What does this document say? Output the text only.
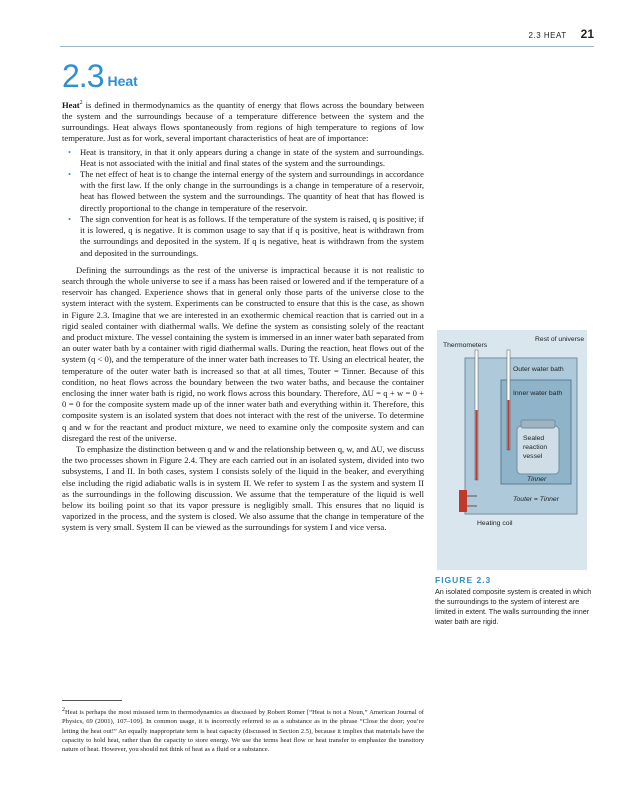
2.3 HEAT 21
2.3 Heat

Heat$^2$ is defined in thermodynamics as the quantity of energy that flows across the boundary between the system and the surroundings because of a temperature difference between the system and the surroundings. Heat always flows spontaneously from regions of high temperature to regions of low temperature. Just as for work, several important characteristics of heat are of importance:

• Heat is transitory, in that it only appears during a change in state of the system and surroundings. Heat is not associated with the initial and final states of the system and the surroundings.
• The net effect of heat is to change the internal energy of the system and surroundings in accordance with the first law. If the only change in the surroundings is a change in temperature of a reservoir, heat has flowed between the system and the surroundings. The quantity of heat that has flowed is directly proportional to the change in temperature of the reservoir.
• The sign convention for heat is as follows. If the temperature of the system is raised, q is positive; if it is lowered, q is negative. It is common usage to say that if q is positive, heat is withdrawn from the surroundings and deposited in the system. If q is negative, heat is withdrawn from the system and deposited in the surroundings.

Defining the surroundings as the rest of the universe is impractical because it is not realistic to search through the whole universe to see if a mass has been raised or lowered and if the temperature of a reservoir has changed. Experience shows that in general only those parts of the universe close to the system interact with the system. Experiments can be constructed to ensure that this is the case, as shown in Figure 2.3. Imagine that we are interested in an exothermic chemical reaction that is carried out in a rigid sealed container with diathermal walls. We define the system as consisting solely of the reactant and product mixture. The vessel containing the system is immersed in an inner water bath separated from an outer water bath by a container with rigid diathermal walls. During the reaction, heat flows out of the system (q < 0), and the temperature of the inner water bath increases to Tf. Using an electrical heater, the temperature of the outer water bath is increased so that at all times, Touter = Tinner. Because of this condition, no heat flows across the boundary between the two water baths, and because the container enclosing the inner water bath is rigid, no work flows across this boundary. Therefore, ΔU = q + w = 0 + 0 = 0 for the composite system made up of the inner water bath and everything within it. Therefore, this composite system is an isolated system that does not interact with the rest of the universe. To determine q and w for the reactant and product mixture, we need to examine only the composite system and can disregard the rest of the universe.

To emphasize the distinction between q and w and the relationship between q, w, and ΔU, we discuss the two processes shown in Figure 2.4. They are each carried out in an isolated system, divided into two subsystems, I and II. In both cases, system I consists solely of the liquid in the beaker, and everything else including the rigid adiabatic walls is in system II. We refer to system I as the system and system II as the surroundings in the following discussion. We assume that the temperature of the liquid is well below its boiling point so that its vapor pressure is negligibly small. This ensures that no liquid is vaporized in the process, and the system is closed. We also assume that the change in temperature of the system is very small. System II can be viewed as the surroundings for system I and vice versa.

Rest of universe
Thermometers
Outer water bath
Inner water bath
Sealed
reaction
vessel
Tinner
Touter = Tinner
Heating coil
FIGURE 2.3
An isolated composite system is created in which the surroundings to the system of interest are limited in extent. The walls surrounding the inner water bath are rigid.
$^2$Heat is perhaps the most misused term in thermodynamics as discussed by Robert Romer [“Heat is not a Noun,” American Journal of Physics, 69 (2001), 107–109]. In common usage, it is incorrectly referred to as a substance as in the phrase “Close the door; you’re letting the heat out!” An equally inappropriate term is heat capacity (discussed in Section 2.5), because it implies that materials have the capacity to hold heat, rather than the capacity to store energy. We use the terms heat flow or heat transfer to emphasize the transitory nature of heat. However, you should not think of heat as a fluid or a substance.
